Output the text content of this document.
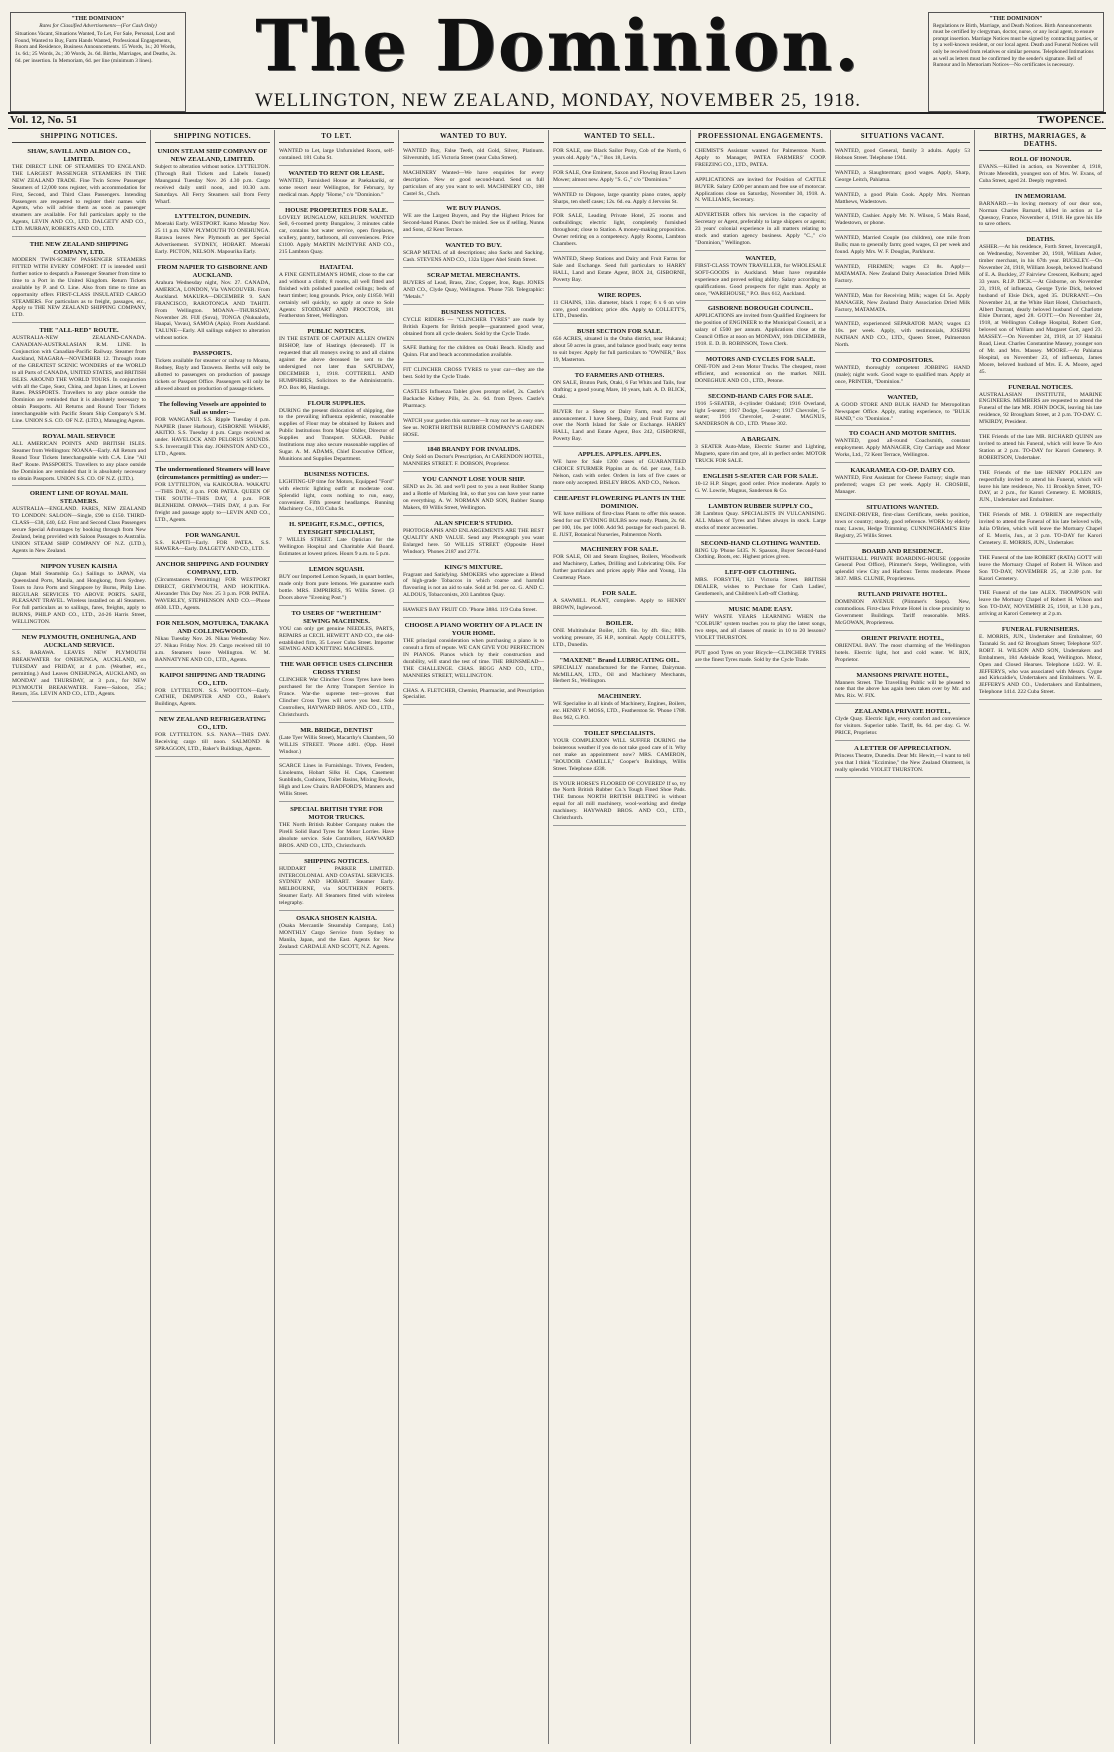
"THE DOMINION"
Rates for Classified Advertisements—(For Cash Only)
Situations Vacant, Situations Wanted, To Let, For Sale, Personal, Lost and Found, Wanted to Buy, Farm Hands Wanted, Professional Engagements, Room and Residence, Business Announcements. 15 Words, 1s.; 20 Words, 1s. 6d.; 25 Words, 2s.; 30 Words, 2s. 6d. Births, Marriages, and Deaths, 2s. 6d. per insertion. In Memoriam, 6d. per line (minimum 3 lines).	The Dominion.
WELLINGTON, NEW ZEALAND, MONDAY, NOVEMBER 25, 1918.
"THE DOMINION"
Regulations re Birth, Marriage, and Death Notices. Birth Announcements must be certified by clergyman, doctor, nurse, or any local agent, to ensure prompt insertion. Marriage Notices must be signed by contracting parties, or by a well-known resident, or our local agent. Death and Funeral Notices will only be received from relatives or similar persons. Telephoned Intimations as well as letters must be confirmed by the sender's signature. Bell of Rumour and In Memoriam Notices—No certificates is necessary.
Vol. 12, No. 51	TWOPENCE.
SHIPPING NOTICES.
SHAW, SAVILL AND ALBION CO., LIMITED.
THE DIRECT LINE OF STEAMERS TO ENGLAND. THE LARGEST PASSENGER STEAMERS IN THE NEW ZEALAND TRADE. Fine Twin Screw Passenger Steamers of 12,000 tons register, with accommodation for First, Second, and Third Class Passengers. Intending Passengers are requested to register their names with Agents, who will advise them as soon as passenger steamers are available. For full particulars apply to the Agents, LEVIN AND CO., LTD. DALGETY AND CO., LTD. MURRAY, ROBERTS AND CO., LTD.
THE NEW ZEALAND SHIPPING COMPANY, LTD.
MODERN TWIN-SCREW PASSENGER STEAMERS FITTED WITH EVERY COMFORT. IT is intended until further notice to despatch a Passenger Steamer from time to time to a Port in the United Kingdom. Return Tickets available by P. and O. Line. Also from time to time an opportunity offers FIRST-CLASS INSULATED CARGO STEAMERS. For particulars as to freight, passages, etc., Apply to THE NEW ZEALAND SHIPPING COMPANY, LTD.
THE "ALL-RED" ROUTE.
AUSTRALIA-NEW ZEALAND-CANADA. CANADIAN-AUSTRALASIAN R.M. LINE. In Conjunction with Canadian-Pacific Railway. Steamer from Auckland, NIAGARA—NOVEMBER 12. Through route of the GREATEST SCENIC WONDERS of the WORLD to all Parts of CANADA, UNITED STATES, and BRITISH ISLES. AROUND THE WORLD TOURS. In conjunction with all the Cape, Suez, China, and Japan Lines, at Lowest Rates. PASSPORTS. Travellers to any place outside the Dominion are reminded that it is absolutely necessary to obtain Passports. All Returns and Round Tour Tickets interchangeable with Pacific Steam Ship Company's S.M. Line. UNION S.S. CO. OF N.Z. (LTD.), Managing Agents.
ROYAL MAIL SERVICE
ALL AMERICAN POINTS AND BRITISH ISLES. Steamer from Wellington: NOANA—Early. All Return and Round Tour Tickets Interchangeable with C.A. Line "All Red" Route. PASSPORTS. Travellers to any place outside the Dominion are reminded that it is absolutely necessary to obtain Passports. UNION S.S. CO. OF N.Z. (LTD.).
ORIENT LINE OF ROYAL MAIL STEAMERS.
AUSTRALIA—ENGLAND. FARES, NEW ZEALAND TO LONDON: SALOON—Single, £90 to £150. THIRD-CLASS—£38, £40, £42. First and Second Class Passengers secure Special Advantages by booking through from New Zealand, being provided with Saloon Passages to Australia. UNION STEAM SHIP COMPANY OF N.Z. (LTD.), Agents in New Zealand.
NIPPON YUSEN KAISHA
(Japan Mail Steamship Co.) Sailings to JAPAN, via Queensland Ports, Manila, and Hongkong, from Sydney. Tours to Java Ports and Singapore by Burns, Philp Line. REGULAR SERVICES TO ABOVE PORTS. SAFE, PLEASANT TRAVEL. Wireless installed on all Steamers. For full particulars as to sailings, fares, freights, apply to BURNS, PHILP AND CO., LTD., 24-26 Harris Street, WELLINGTON.
NEW PLYMOUTH, ONEHUNGA, AND AUCKLAND SERVICE.
S.S. RARAWA. LEAVES NEW PLYMOUTH BREAKWATER for ONEHUNGA, AUCKLAND, on TUESDAY and FRIDAY, at 4 p.m. (Weather, etc., permitting.) And Leaves ONEHUNGA, AUCKLAND, on MONDAY and THURSDAY, at 3 p.m., for NEW PLYMOUTH BREAKWATER. Fares—Saloon, 25s.; Return, 35s. LEVIN AND CO., LTD., Agents.
SHIPPING NOTICES.
UNION STEAM SHIP COMPANY OF NEW ZEALAND, LIMITED.
Subject to alteration without notice. LYTTELTON. (Through Rail Tickets and Labels Issued) Maunganui Tuesday Nov. 26 4.30 p.m. Cargo received daily until noon, and 10.30 a.m. Saturdays. All Ferry Steamers sail from Ferry Wharf.
LYTTELTON, DUNEDIN.
Moeraki Early. WESTPORT. Kamo Monday Nov. 25 11 p.m. NEW PLYMOUTH TO ONEHUNGA. Rarawa leaves New Plymouth as per Special Advertisement. SYDNEY, HOBART. Moeraki Early. PICTON, NELSON. Mapourika Early.
FROM NAPIER TO GISBORNE AND AUCKLAND.
Arahura Wednesday night, Nov. 27. CANADA, AMERICA, LONDON, Via VANCOUVER. From Auckland. MAKURA—DECEMBER 9. SAN FRANCISCO, RAROTONGA AND TAHITI. From Wellington. MOANA—THURSDAY, November 28. FIJI (Suva), TONGA (Nukualofa, Haapai, Vavau), SAMOA (Apia). From Auckland. TALUNE—Early. All sailings subject to alteration without notice.
PASSPORTS.
Tickets available for steamer or railway to Moana, Rodney, Bayly and Tarawera. Berths will only be allotted to passengers on production of passage tickets or Passport Office. Passengers will only be allowed aboard on production of passage tickets.
The following Vessels are appointed to Sail as under:—
FOR WANGANUI. S.S. Ripple Tuesday 4 p.m. NAPIER (Inner Harbour), GISBORNE WHARF, AKITIO. S.S. Tuesday 4 p.m. Cargo received as under. HAVELOCK AND PELORUS SOUNDS. S.S. Invercargill This day. JOHNSTON AND CO., LTD., Agents.
The undermentioned Steamers will leave (circumstances permitting) as under:—
FOR LYTTELTON, via KAIKOURA. WAKATU—THIS DAY, 4 p.m. FOR PATEA. QUEEN OF THE SOUTH—THIS DAY, 4 p.m. FOR BLENHEIM. OPAWA—THIS DAY, 4 p.m. For freight and passage apply to—LEVIN AND CO., LTD., Agents.
FOR WANGANUI.
S.S. KAPITI—Early. FOR PATEA. S.S. HAWERA—Early. DALGETY AND CO., LTD.
ANCHOR SHIPPING AND FOUNDRY COMPANY, LTD.
(Circumstances Permitting) FOR WESTPORT DIRECT, GREYMOUTH, AND HOKITIKA. Alexander This Day Nov. 25 3 p.m. FOR PATEA. WAVERLEY, STEPHENSON AND CO.—Phone 4630. LTD., Agents.
FOR NELSON, MOTUEKA, TAKAKA AND COLLINGWOOD.
Nikau Tuesday Nov. 26. Nikau Wednesday Nov. 27. Nikau Friday Nov. 29. Cargo received till 10 a.m. Steamers leave Wellington. W. M. BANNATYNE AND CO., LTD., Agents.
KAIPOI SHIPPING AND TRADING CO., LTD.
FOR LYTTELTON. S.S. WOOTTON—Early. CATHIE, DEMPSTER AND CO., Baker's Buildings, Agents.
NEW ZEALAND REFRIGERATING CO., LTD.
FOR LYTTELTON. S.S. NANA—THIS DAY. Receiving cargo till noon. SALMOND & SPRAGGON, LTD., Baker's Buildings, Agents.
TO LET.
WANTED to Let, large Unfurnished Room, self-contained. 181 Cuba St.
WANTED TO RENT OR LEASE.
WANTED, Furnished House at Paekakariki, or some resort near Wellington, for February, by medical man. Apply "Home," c/o "Dominion."
HOUSE PROPERTIES FOR SALE.
LOVELY BUNGALOW, KELBURN. WANTED Sell, 6-roomed pretty Bungalow, 3 minutes cable car, contains hot water service, open fireplaces, scullery, pantry, bathroom, all conveniences. Price £1100. Apply MARTIN McINTYRE AND CO., 215 Lambton Quay.
HATAITAI.
A FINE GENTLEMAN'S HOME, close to the car and without a climb; 8 rooms, all well fitted and finished with polished panelled ceilings; beds of heart timber; long grounds. Price, only £1850. Will certainly sell quickly, so apply at once to Sole Agents: STODDART AND PROCTOR, 181 Featherston Street, Wellington.
PUBLIC NOTICES.
IN THE ESTATE OF CAPTAIN ALLEN OWEN BISHOP, late of Hastings (deceased). IT is requested that all moneys owing to and all claims against the above deceased be sent to the undersigned not later than SATURDAY, DECEMBER 1, 1918. COTTERILL AND HUMPHRIES, Solicitors to the Administratrix. P.O. Box 86, Hastings.
FLOUR SUPPLIES.
DURING the present dislocation of shipping, due to the prevailing influenza epidemic, reasonable supplies of Flour may be obtained by Bakers and Public Institutions from Major Oldler, Director of Supplies and Transport. SUGAR. Public Institutions may also secure reasonable supplies of Sugar. A. M. ADAMS, Chief Executive Officer, Munitions and Supplies Department.
BUSINESS NOTICES.
LIGHTING-UP time for Motors, Equipped "Ford" with electric lighting outfit at moderate cost. Splendid light, costs nothing to run, easy, convenient. Fifth present headlamps. Running Machinery Co., 103 Cuba St.
H. SPEIGHT, F.S.M.C., OPTICS, EYESIGHT SPECIALIST,
7 WILLIS STREET. Late Optician for the Wellington Hospital and Charitable Aid Board. Estimates at lowest prices. Hours 9 a.m. to 5 p.m.
LEMON SQUASH.
BUY our Imported Lemon Squash, in quart bottles, made only from pure lemons. We guarantee each bottle. MRS. EMPRIRES, 95 Willis Street. (3 Doors above "Evening Post.")
TO USERS OF "WERTHEIM" SEWING MACHINES.
YOU can only get genuine NEEDLES, PARTS, REPAIRS at CECIL HEWETT AND CO., the old-established firm, 35 Lower Cuba Street. Importer SEWING AND KNITTING MACHINES.
THE WAR OFFICE USES CLINCHER CROSS TYRES!
CLINCHER War Clincher Cross Tyres have been purchased for the Army Transport Service in France. War-the supreme test—proves that Clincher Cross Tyres will serve you best. Sole Controllers, HAYWARD BROS. AND CO., LTD., Christchurch.
MR. BRIDGE, DENTIST
(Late Tyer Willis Street), Macarthy's Chambers, 50 WILLIS STREET. 'Phone 4481. (Opp. Hotel Windsor.)
SCARCE Lines in Furnishings. Trivets, Fenders, Linoleums, Hobart Silks H. Caps, Casement Sunblinds, Cushions, Toilet Basins, Mixing Bowls, High and Low Chairs. RADFORD'S, Manners and Willis Street.
SPECIAL BRITISH TYRE FOR MOTOR TRUCKS.
THE North British Rubber Company makes the Pirelli Solid Band Tyres for Motor Lorries. Have absolute service. Sole Controllers, HAYWARD BROS. AND CO., LTD., Christchurch.
SHIPPING NOTICES.
HUDDART - PARKER LIMITED. INTERCOLONIAL AND COASTAL SERVICES. SYDNEY AND HOBART. Steamer Early. MELBOURNE, via SOUTHERN PORTS. Steamer Early. All Steamers fitted with wireless telegraphy.
OSAKA SHOSEN KAISHA.
(Osaka Mercantile Steamship Company, Ltd.) MONTHLY Cargo Service from Sydney to Manila, Japan, and the East. Agents for New Zealand: CARDALE AND SCOTT, N.Z. Agents.
WANTED TO BUY.
WANTED Buy, False Teeth, old Gold, Silver, Platinum. Silversmith, 145 Victoria Street (near Cuba Street).
MACHINERY Wanted—We have enquiries for every description. New or good second-hand. Send us full particulars of any you want to sell. MACHINERY CO., 188 Castel St., Chch.
WE BUY PIANOS.
WE are the Largest Buyers, and Pay the Highest Prices for Second-hand Pianos. Don't be misled. See us if selling. Nunns and Sons, 42 Kent Terrace.
WANTED TO BUY.
SCRAP METAL of all descriptions; also Sacks and Sacking. Cash. STEVENS AND CO., 132a Upper Abel Smith Street.
SCRAP METAL MERCHANTS.
BUYERS of Lead, Brass, Zinc, Copper, Iron, Rags. JONES AND CO., Clyde Quay, Wellington. 'Phone 758. Telegraphic: "Metals."
BUSINESS NOTICES.
CYCLE RIDERS — "CLINCHER TYRES" are made by British Experts for British people—guaranteed good wear, obtained from all cycle dealers. Sold by the Cycle Trade.
SAFE Bathing for the children on Otaki Beach. Kindly and Quinn. Flat and beach accommodation available.
FIT CLINCHER CROSS TYRES to your car—they are the best. Sold by the Cycle Trade.
CASTLES Influenza Tablet gives prompt relief, 2s. Castle's Backache Kidney Pills, 2s. 2s. 6d. from Dyers. Castle's Pharmacy.
WATCH your garden this summer—It may not be an easy one. See us. NORTH BRITISH RUBBER COMPANY'S GARDEN HOSE.
1848 BRANDY FOR INVALIDS.
Only Sold on Doctor's Prescription, At CARENDON HOTEL, MANNERS STREET. F. DOBSON, Proprietor.
YOU CANNOT LOSE YOUR SHIP.
SEND us 2s. 3d. and we'll post to you a neat Rubber Stamp and a Bottle of Marking Ink, so that you can have your name on everything. A. W. NORMAN AND SON, Rubber Stamp Makers, 69 Willis Street, Wellington.
ALAN SPICER'S STUDIO.
PHOTOGRAPHS AND ENLARGEMENTS ARE THE BEST QUALITY AND VALUE. Send any Photograph you want Enlarged here. 50 WILLIS STREET (Opposite Hotel Windsor). 'Phones 2187 and 2774.
KING'S MIXTURE.
Fragrant and Satisfying. SMOKERS who appreciate a Blend of high-grade Tobaccos in which coarse and harmful flavouring is not an aid to sale. Sold at 9d. per oz. G. AND C. ALDOUS, Tobacconists, 203 Lambton Quay.
HAWKE'S BAY FRUIT CO. 'Phone 3884. 119 Cuba Street.
CHOOSE A PIANO WORTHY OF A PLACE IN YOUR HOME.
THE principal consideration when purchasing a piano is to consult a firm of repute. WE CAN GIVE YOU PERFECTION IN PIANOS. Pianos which by their construction and durability, will stand the test of time. THE BRINSMEAD—THE CHALLENGE. CHAS. BEGG AND CO., LTD., MANNERS STREET, WELLINGTON.
CHAS. A. FLETCHER, Chemist, Pharmacist, and Prescription Specialist.
WANTED TO SELL.
FOR SALE, one Black Sailor Pony, Cob of the North, 6 years old. Apply "A.," Box 18, Levin.
FOR SALE, One Eminent, Saxon and Flowing Brass Lawn Mower; almost new. Apply "S. G.," c/o "Dominion."
WANTED to Dispose, large quantity piano crates, apply Sharps, ten shelf cases; 12s. 6d. ea. Apply 4 Jervoiss St.
FOR SALE, Leading Private Hotel, 25 rooms and outbuildings; electric light, completely furnished throughout; close to Station. A money-making proposition. Owner retiring on a competency. Apply Rooms, Lambton Chambers.
WANTED, Sheep Stations and Dairy and Fruit Farms for Sale and Exchange. Send full particulars to HARRY HALL, Land and Estate Agent, BOX 24, GISBORNE, Poverty Bay.
WIRE ROPES.
11 CHAINS, 13in. diameter, black 1 rope; 6 x 6 on wire core, good condition; price 40s. Apply to COLLETT'S, LTD., Dunedin.
BUSH SECTION FOR SALE.
656 ACRES, situated in the Otaha district, near Hukanui; about 50 acres in grass, and balance good bush; easy terms to suit buyer. Apply for full particulars to "OWNER," Box 19, Masterton.
TO FARMERS AND OTHERS.
ON SALE, Bruton Park, Otaki, 6 Fat Whits and Tails, four drafting; a good young Mare, 10 years, halt. A. D. BLICK, Otaki.
BUYER for a Sheep or Dairy Farm, read my new announcement. I have Sheep, Dairy, and Fruit Farms all over the North Island for Sale or Exchange. HARRY HALL, Land and Estate Agent, Box 242, GISBORNE, Poverty Bay.
APPLES. APPLES. APPLES.
WE have for Sale 1200 cases of GUARANTEED CHOICE STURMER Pippins at 4s. 6d. per case, f.o.b. Nelson, cash with order. Orders in lots of five cases or more only accepted. BISLEY BROS. AND CO., Nelson.
CHEAPEST FLOWERING PLANTS IN THE DOMINION.
WE have millions of first-class Plants to offer this season. Send for our EVENING BULBS now ready. Plants, 2s. 6d. per 100, 10s. per 1000. Add 9d. postage for each parcel. B. E. JUST, Botanical Nurseries, Palmerston North.
MACHINERY FOR SALE.
FOR SALE, Oil and Steam Engines, Boilers, Woodwork and Machinery, Lathes, Drilling and Lubricating Oils. For further particulars and prices apply Pike and Young, 13a Courtenay Place.
FOR SALE.
A SAWMILL PLANT, complete. Apply to HENRY BROWN, Inglewood.
BOILER.
ONE Multitubular Boiler, 12ft. 6in. by 4ft. 6in.; 80lb. working pressure, 35 H.P., nominal. Apply COLLETT'S, LTD., Dunedin.
"MAXENE" Brand LUBRICATING OIL.
SPECIALLY manufactured for the Farmer, Dairyman. McMILLAN, LTD., Oil and Machinery Merchants, Herbert St., Wellington.
MACHINERY.
WE Specialise in all kinds of Machinery, Engines, Boilers, etc. HENRY F. MOSS, LTD., Featherston St. 'Phone 1788. Box 962, G.P.O.
TOILET SPECIALISTS.
YOUR COMPLEXION WILL SUFFER DURING the boisterous weather if you do not take good care of it. Why not make an appointment now? MRS. CAMERON, "BOUDOIR CAMILLE," Cooper's Buildings, Willis Street. Telephone 4338.
IS YOUR HORSE'S FLOORED OF COVERED? If so, try the North British Rubber Co.'s Tough Fined Shoe Pads. THE famous NORTH BRITISH BELTING is without equal for all mill machinery, wool-working and dredge machinery. HAYWARD BROS. AND CO., LTD., Christchurch.
PROFESSIONAL ENGAGEMENTS.
CHEMIST'S Assistant wanted for Palmerston North. Apply to Manager, PATEA FARMERS' COOP. FREEZING CO., LTD., PATEA.
APPLICATIONS are invited for Position of CATTLE BUYER. Salary £200 per annum and free use of motorcar. Applications close on Saturday, November 30, 1918. A. N. WILLIAMS, Secretary.
ADVERTISER offers his services in the capacity of Secretary or Agent, preferably to large shippers or agents; 23 years' colonial experience in all matters relating to stock and station agency business. Apply "C.," c/o "Dominion," Wellington.
WANTED,
FIRST-CLASS TOWN TRAVELLER, for WHOLESALE SOFT-GOODS in Auckland. Must have reputable experience and proved selling ability. Salary according to qualifications. Good prospects for right man. Apply at once, "WAREHOUSE," P.O. Box 612, Auckland.
GISBORNE BOROUGH COUNCIL.
APPLICATIONS are invited from Qualified Engineers for the position of ENGINEER to the Municipal Council, at a salary of £500 per annum. Applications close at the Council Office at noon on MONDAY, 16th DECEMBER, 1918. E. D. B. ROBINSON, Town Clerk.
MOTORS AND CYCLES FOR SALE.
ONE-TON and 2-ton Motor Trucks. The cheapest, most efficient, and economical on the market. NEIL DONEGHUE AND CO., LTD., Petone.
SECOND-HAND CARS FOR SALE.
1916 5-SEATER, 4-cylinder Oakland; 1916 Overland, light 5-seater; 1917 Dodge, 5-seater; 1917 Chevrolet, 5-seater; 1916 Chevrolet, 2-seater. MAGNUS, SANDERSON & CO., LTD. 'Phone 302.
A BARGAIN.
3 SEATER Auto-Mate, Electric Starter and Lighting, Magneto, spare rim and tyre, all in perfect order. MOTOR TRUCK FOR SALE.
ENGLISH 5-SEATER CAR FOR SALE.
10-12 H.P. Singer, good order. Price moderate. Apply to G. W. Lowrie, Magnus, Sanderson & Co.
LAMBTON RUBBER SUPPLY CO.,
38 Lambton Quay. SPECIALISTS IN VULCANISING. ALL Makes of Tyres and Tubes always in stock. Large stocks of motor accessories.
SECOND-HAND CLOTHING WANTED.
RING Up 'Phone 5435. N. Spasson, Buyer Second-hand Clothing. Boots, etc. Highest prices given.
LEFT-OFF CLOTHING.
MRS. FORSYTH, 121 Victoria Street. BRITISH DEALER, wishes to Purchase for Cash Ladies', Gentlemen's, and Children's Left-off Clothing.
MUSIC MADE EASY.
WHY WASTE YEARS LEARNING WHEN the "COLBUR" system teaches you to play the latest songs, two steps, and all classes of music in 10 to 20 lessons? VIOLET THURSTON.
PUT good Tyres on your Bicycle—CLINCHER TYRES are the finest Tyres made. Sold by the Cycle Trade.
SITUATIONS VACANT.
WANTED, good General, family 3 adults. Apply 53 Hobson Street. Telephone 1944.
WANTED, a Slaughterman; good wages. Apply, Sharp, George Leitch, Pahiatua.
WANTED, a good Plain Cook. Apply Mrs. Norman Matthews, Wadestown.
WANTED, Cashier. Apply Mr. N. Wilson, 5 Main Road, Wadestown, or phone.
WANTED, Married Couple (no children), one mile from Bulls; man to generally farm; good wages, £3 per week and found. Apply Mrs. W. F. Douglas, Parkhurst.
WANTED, FIREMEN; wages £3 8s. Apply—MATAMATA. New Zealand Dairy Association Dried Milk Factory.
WANTED, Man for Receiving Milk; wages £4 5s. Apply MANAGER, New Zealand Dairy Association Dried Milk Factory, MATAMATA.
WANTED, experienced SEPARATOR MAN; wages £3 10s. per week. Apply, with testimonials, JOSEPH NATHAN AND CO., LTD., Queen Street, Palmerston North.
TO COMPOSITORS.
WANTED, thoroughly competent JOBBING HAND (male); night work. Good wage to qualified man. Apply at once, PRINTER, "Dominion."
WANTED,
A GOOD STORE AND BULK HAND for Metropolitan Newspaper Office. Apply, stating experience, to "BULK HAND," c/o "Dominion."
TO COACH AND MOTOR SMITHS.
WANTED, good all-round Coachsmith, constant employment. Apply MANAGER, City Carriage and Motor Works, Ltd., 72 Kent Terrace, Wellington.
KAKARAMEA CO-OP. DAIRY CO.
WANTED, First Assistant for Cheese Factory; single man preferred; wages £3 per week. Apply H. CROSBIE, Manager.
SITUATIONS WANTED.
ENGINE-DRIVER, first-class Certificate, seeks position, town or country; steady, good reference. WORK by elderly man; Lawns, Hedge Trimming. CUNNINGHAME'S Elite Registry, 25 Willis Street.
BOARD AND RESIDENCE.
WHITEHALL PRIVATE BOARDING-HOUSE (opposite General Post Office), Plimmer's Steps, Wellington, with splendid view City and Harbour. Terms moderate. Phone 3837. MRS. CLUNIE, Proprietress.
RUTLAND PRIVATE HOTEL.
DOMINION AVENUE (Plimmer's Steps). New, commodious. First-class Private Hotel in close proximity to Government Buildings. Tariff reasonable. MRS. McGOWAN, Proprietress.
ORIENT PRIVATE HOTEL,
ORIENTAL BAY. The most charming of the Wellington hotels. Electric light, hot and cold water. W. RIX, Proprietor.
MANSIONS PRIVATE HOTEL,
Manners Street. The Travelling Public will be pleased to note that the above has again been taken over by Mr. and Mrs. Rix. W. FIX.
ZEALANDIA PRIVATE HOTEL,
Clyde Quay. Electric light, every comfort and convenience for visitors. Superior table. Tariff, 8s. 6d. per day. G. W. PRICE, Proprietor.
A LETTER OF APPRECIATION.
Princess Theatre, Dunedin. Dear Mr. Hewitt,—I want to tell you that I think "Eczimine," the New Zealand Ointment, is really splendid. VIOLET THURSTON.
BIRTHS, MARRIAGES, & DEATHS.
ROLL OF HONOUR.
EVANS.—Killed in action, on November 4, 1918, Private Meredith, youngest son of Mrs. W. Evans, of Cuba Street, aged 24. Deeply regretted.
IN MEMORIAM.
BARNARD.—In loving memory of our dear son, Norman Charles Barnard, killed in action at Le Quesnoy, France, November 4, 1918. He gave his life to save others.
DEATHS.
ASHER.—At his residence, Forth Street, Invercargill, on Wednesday, November 20, 1918, William Asher, timber merchant, in his 67th year. BUCKLEY.—On November 24, 1918, William Joseph, beloved husband of E. A. Buckley, 27 Fairview Crescent, Kelburn; aged 33 years. R.I.P. DICK.—At Gisborne, on November 23, 1918, of influenza, George Tyrie Dick, beloved husband of Elsie Dick, aged 35. DURRANT.—On November 24, at the White Hart Hotel, Christchurch, Albert Durrant, dearly beloved husband of Charlotte Elsie Durrant, aged 28. GOTT.—On November 24, 1918, at Wellington College Hospital, Robert Gott, beloved son of William and Margaret Gott, aged 23. MASSEY.—On November 24, 1918, at 37 Hataitai Road, Lieut. Charles Constantine Massey, younger son of Mr. and Mrs. Massey. MOORE.—At Pahiatua Hospital, on November 23, of influenza, James Moore, beloved husband of Mrs. E. A. Moore, aged 45.
FUNERAL NOTICES.
AUSTRALASIAN INSTITUTE, MARINE ENGINEERS. MEMBERS are requested to attend the Funeral of the late MR. JOHN DOCK, leaving his late residence, 92 Brougham Street, at 2 p.m. TO-DAY. C. M'KIRDY, President.
THE Friends of the late MR. RICHARD QUINN are invited to attend his Funeral, which will leave Te Aro Station at 2 p.m. TO-DAY for Karori Cemetery. P. ROBERTSON, Undertaker.
THE Friends of the late HENRY POLLEN are respectfully invited to attend his Funeral, which will leave his late residence, No. 11 Brooklyn Street, TO-DAY, at 2 p.m., for Karori Cemetery. E. MORRIS, JUN., Undertaker and Embalmer.
THE Friends of MR. J. O'BRIEN are respectfully invited to attend the Funeral of his late beloved wife, Julia O'Brien, which will leave the Mortuary Chapel of E. Morris, Jun., at 3 p.m. TO-DAY for Karori Cemetery. E. MORRIS, JUN., Undertaker.
THE Funeral of the late ROBERT (RATA) GOTT will leave the Mortuary Chapel of Robert H. Wilson and Son TO-DAY, NOVEMBER 25, at 2.30 p.m. for Karori Cemetery.
THE Funeral of the late ALEX. THOMPSON will leave the Mortuary Chapel of Robert H. Wilson and Son TO-DAY, NOVEMBER 25, 1918, at 1.30 p.m., arriving at Karori Cemetery at 2 p.m.
FUNERAL FURNISHERS.
E. MORRIS, JUN., Undertaker and Embalmer, 60 Taranaki St. and 62 Brougham Street; Telephone 937. ROBT. H. WILSON AND SON, Undertakers and Embalmers, 184 Adelaide Road, Wellington. Motor, Open and Closed Hearses. Telephone 1422. W. E. JEFFERYS, who was associated with Messrs. Cygne and Kirkcaldie's, Undertakers and Embalmers. W. E. JEFFERYS AND CO., Undertakers and Embalmers, Telephone 1414. 222 Cuba Street.
